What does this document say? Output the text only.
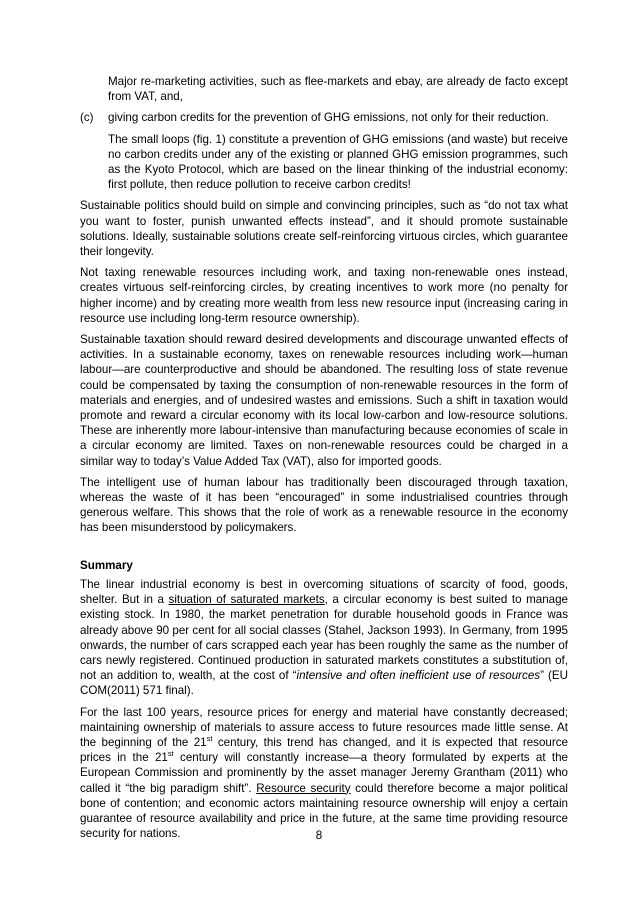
Major re-marketing activities, such as flee-markets and ebay, are already de facto except from VAT, and,

(c)	giving carbon credits for the prevention of GHG emissions, not only for their reduction.

The small loops (fig. 1) constitute a prevention of GHG emissions (and waste) but receive no carbon credits under any of the existing or planned GHG emission programmes, such as the Kyoto Protocol, which are based on the linear thinking of the industrial economy: first pollute, then reduce pollution to receive carbon credits!

Sustainable politics should build on simple and convincing principles, such as “do not tax what you want to foster, punish unwanted effects instead”, and it should promote sustainable solutions. Ideally, sustainable solutions create self-reinforcing virtuous circles, which guarantee their longevity.

Not taxing renewable resources including work, and taxing non-renewable ones instead, creates virtuous self-reinforcing circles, by creating incentives to work more (no penalty for higher income) and by creating more wealth from less new resource input (increasing caring in resource use including long-term resource ownership).

Sustainable taxation should reward desired developments and discourage unwanted effects of activities. In a sustainable economy, taxes on renewable resources including work—human labour—are counterproductive and should be abandoned. The resulting loss of state revenue could be compensated by taxing the consumption of non-renewable resources in the form of materials and energies, and of undesired wastes and emissions. Such a shift in taxation would promote and reward a circular economy with its local low-carbon and low-resource solutions. These are inherently more labour-intensive than manufacturing because economies of scale in a circular economy are limited. Taxes on non-renewable resources could be charged in a similar way to today’s Value Added Tax (VAT), also for imported goods.

The intelligent use of human labour has traditionally been discouraged through taxation, whereas the waste of it has been “encouraged” in some industrialised countries through generous welfare. This shows that the role of work as a renewable resource in the economy has been misunderstood by policymakers.

Summary

The linear industrial economy is best in overcoming situations of scarcity of food, goods, shelter. But in a situation of saturated markets, a circular economy is best suited to manage existing stock. In 1980, the market penetration for durable household goods in France was already above 90 per cent for all social classes (Stahel, Jackson 1993). In Germany, from 1995 onwards, the number of cars scrapped each year has been roughly the same as the number of cars newly registered. Continued production in saturated markets constitutes a substitution of, not an addition to, wealth, at the cost of “intensive and often inefficient use of resources” (EU COM(2011) 571 final).

For the last 100 years, resource prices for energy and material have constantly decreased; maintaining ownership of materials to assure access to future resources made little sense. At the beginning of the 21st century, this trend has changed, and it is expected that resource prices in the 21st century will constantly increase—a theory formulated by experts at the European Commission and prominently by the asset manager Jeremy Grantham (2011) who called it “the big paradigm shift”. Resource security could therefore become a major political bone of contention; and economic actors maintaining resource ownership will enjoy a certain guarantee of resource availability and price in the future, at the same time providing resource security for nations.	8
